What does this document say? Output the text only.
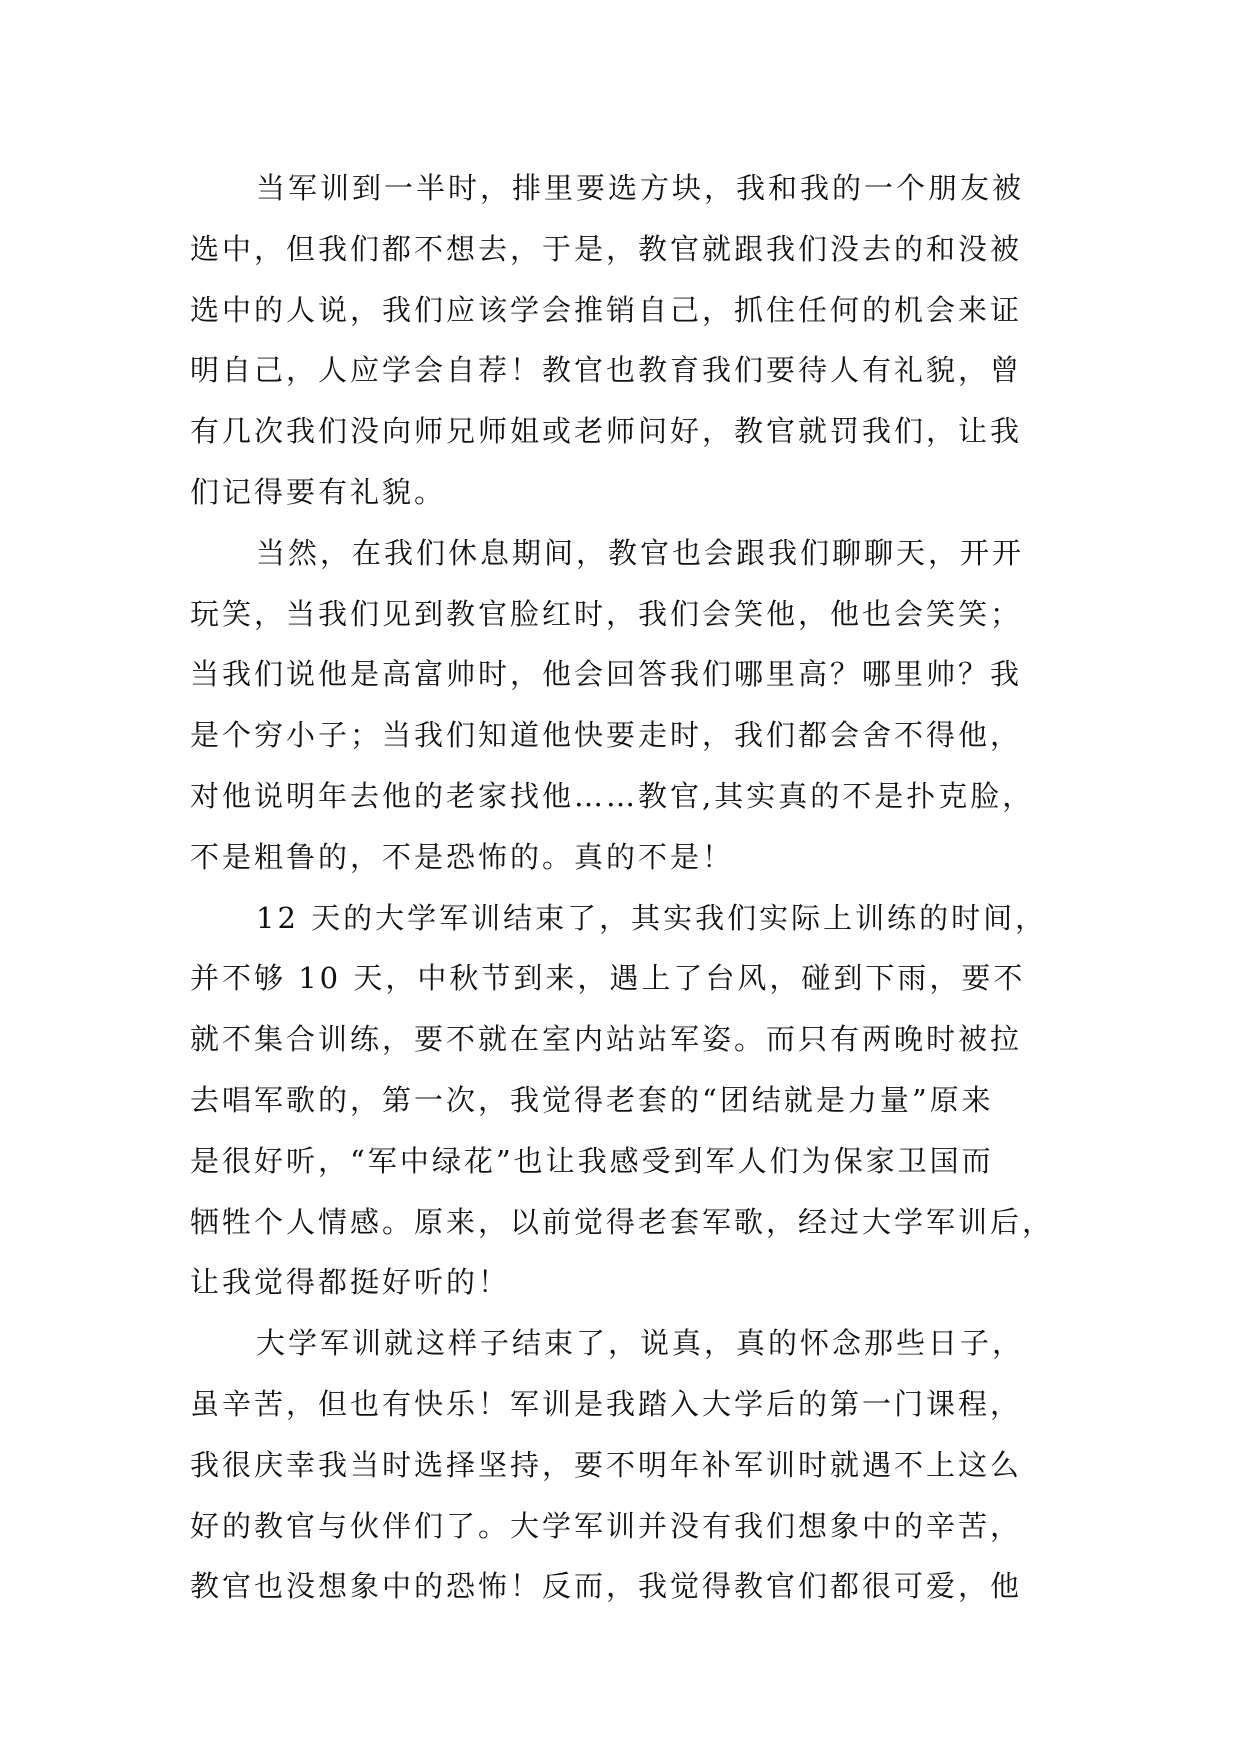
当军训到一半时，排里要选方块，我和我的一个朋友被
选中，但我们都不想去，于是，教官就跟我们没去的和没被
选中的人说，我们应该学会推销自己，抓住任何的机会来证
明自己，人应学会自荐！教官也教育我们要待人有礼貌，曾
有几次我们没向师兄师姐或老师问好，教官就罚我们，让我
们记得要有礼貌。
当然，在我们休息期间，教官也会跟我们聊聊天，开开
玩笑，当我们见到教官脸红时，我们会笑他，他也会笑笑；
当我们说他是高富帅时，他会回答我们哪里高？哪里帅？我
是个穷小子；当我们知道他快要走时，我们都会舍不得他，
对他说明年去他的老家找他……教官,其实真的不是扑克脸，
不是粗鲁的，不是恐怖的。真的不是！
12 天的大学军训结束了，其实我们实际上训练的时间，
并不够 10 天，中秋节到来，遇上了台风，碰到下雨，要不
就不集合训练，要不就在室内站站军姿。而只有两晚时被拉
去唱军歌的，第一次，我觉得老套的“团结就是力量”原来
是很好听，“军中绿花”也让我感受到军人们为保家卫国而
牺牲个人情感。原来，以前觉得老套军歌，经过大学军训后，
让我觉得都挺好听的！
大学军训就这样子结束了，说真，真的怀念那些日子，
虽辛苦，但也有快乐！军训是我踏入大学后的第一门课程，
我很庆幸我当时选择坚持，要不明年补军训时就遇不上这么
好的教官与伙伴们了。大学军训并没有我们想象中的辛苦，
教官也没想象中的恐怖！反而，我觉得教官们都很可爱，他
